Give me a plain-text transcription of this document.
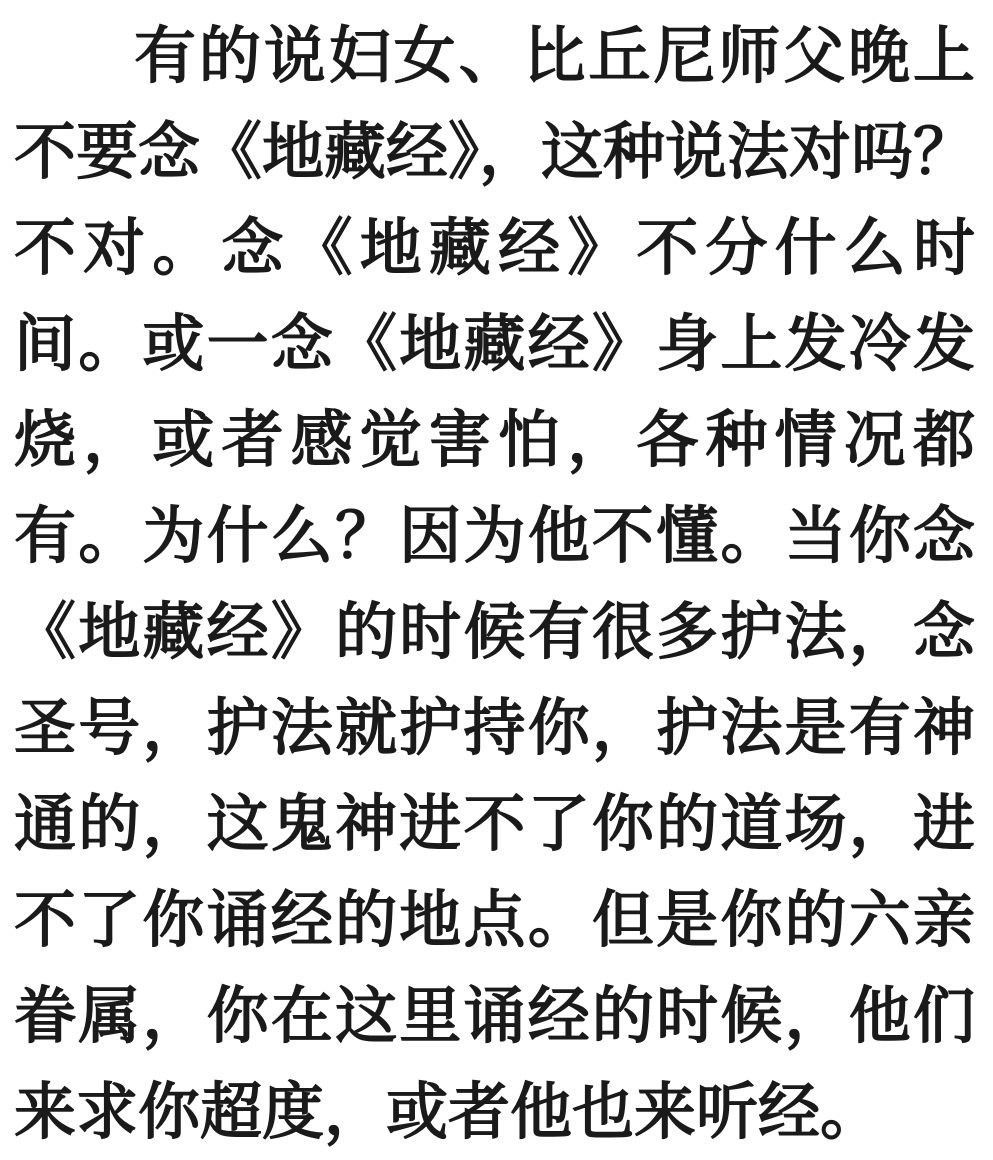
有的说妇女、比丘尼师父晚上不要念《地藏经》，这种说法对吗？不对。念《地藏经》不分什么时间。或一念《地藏经》身上发冷发烧，或者感觉害怕，各种情况都有。为什么？因为他不懂。当你念《地藏经》的时候有很多护法，念圣号，护法就护持你，护法是有神通的，这鬼神进不了你的道场，进不了你诵经的地点。但是你的六亲眷属，你在这里诵经的时候，他们来求你超度，或者他也来听经。
